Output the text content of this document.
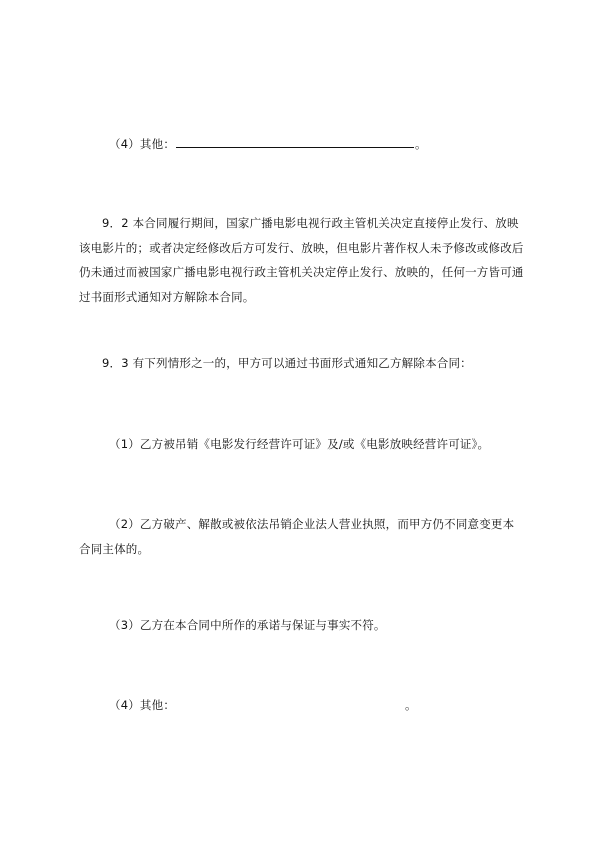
（4）其他：	。

9．2 本合同履行期间，国家广播电影电视行政主管机关决定直接停止发行、放映该电影片的；或者决定经修改后方可发行、放映，但电影片著作权人未予修改或修改后仍未通过而被国家广播电影电视行政主管机关决定停止发行、放映的，任何一方皆可通过书面形式通知对方解除本合同。

9．3 有下列情形之一的，甲方可以通过书面形式通知乙方解除本合同：

（1）乙方被吊销《电影发行经营许可证》及/或《电影放映经营许可证》。

（2）乙方破产、解散或被依法吊销企业法人营业执照，而甲方仍不同意变更本合同主体的。

（3）乙方在本合同中所作的承诺与保证与事实不符。

（4）其他：	。
